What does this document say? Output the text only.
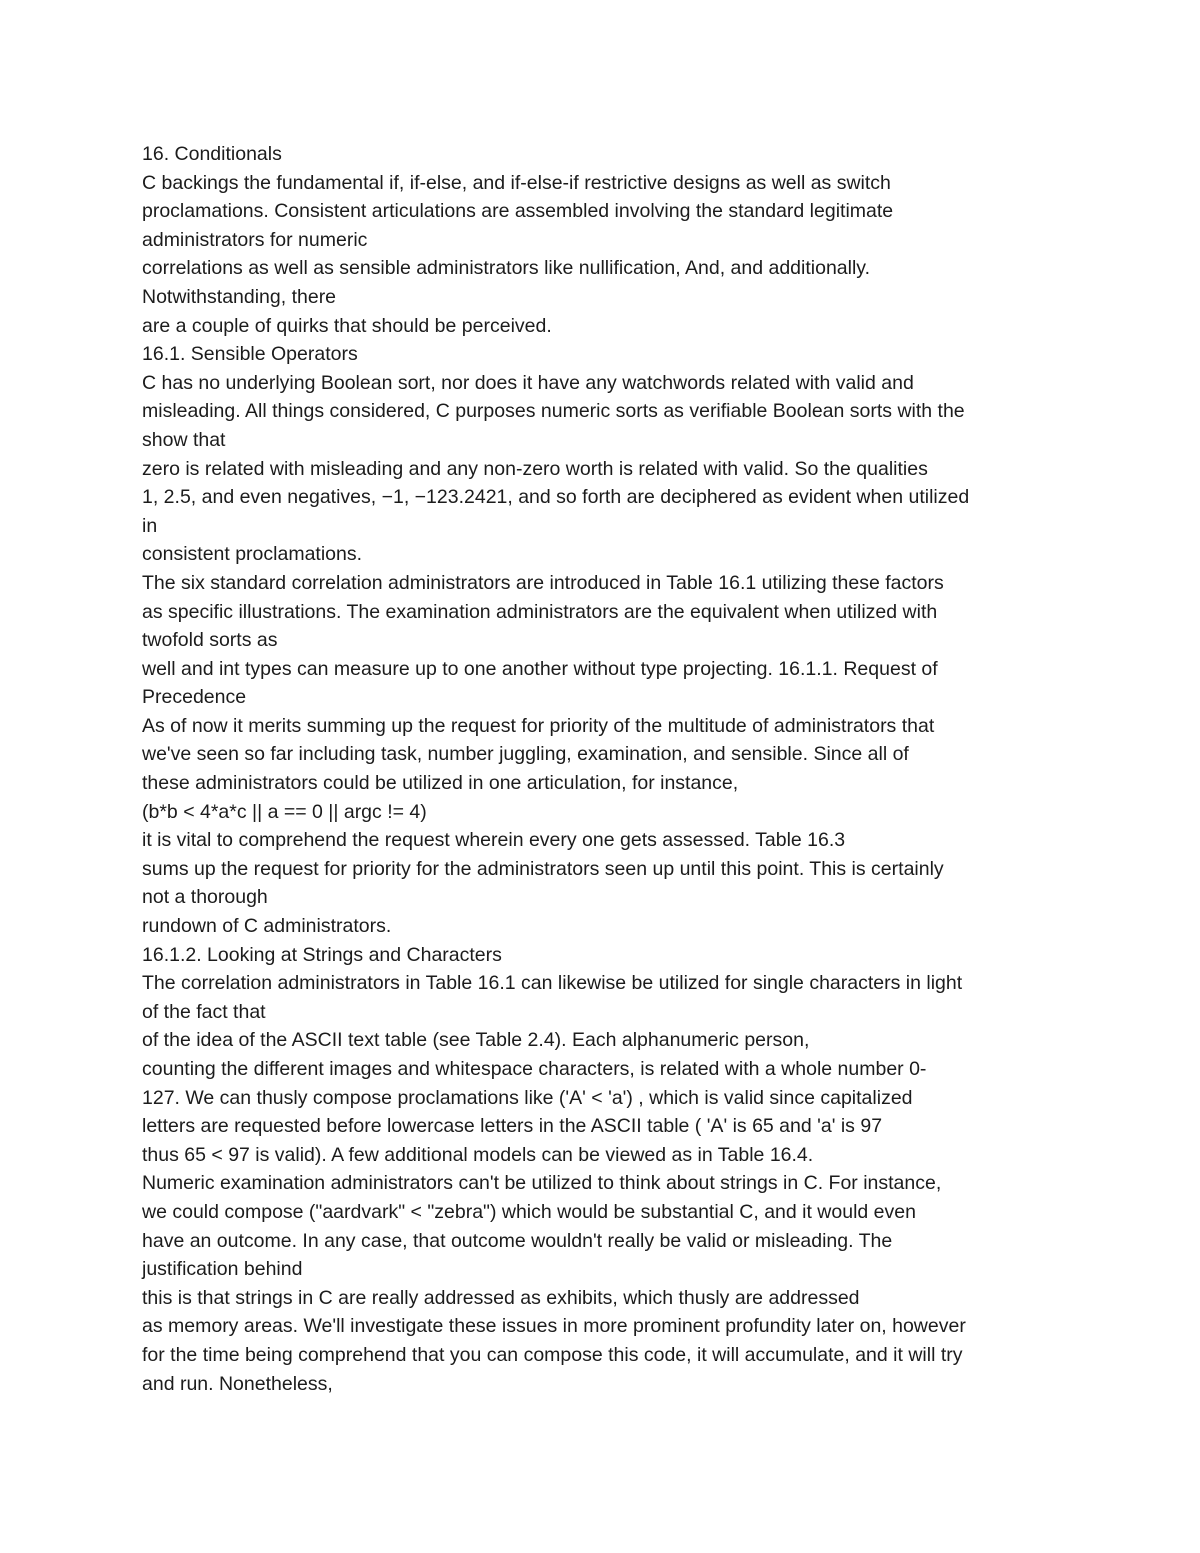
16. Conditionals
C backings the fundamental if, if-else, and if-else-if restrictive designs as well as switch
proclamations. Consistent articulations are assembled involving the standard legitimate
administrators for numeric
correlations as well as sensible administrators like nullification, And, and additionally.
Notwithstanding, there
are a couple of quirks that should be perceived.
16.1. Sensible Operators
C has no underlying Boolean sort, nor does it have any watchwords related with valid and
misleading. All things considered, C purposes numeric sorts as verifiable Boolean sorts with the
show that
zero is related with misleading and any non-zero worth is related with valid. So the qualities
1, 2.5, and even negatives, −1, −123.2421, and so forth are deciphered as evident when utilized
in
consistent proclamations.
The six standard correlation administrators are introduced in Table 16.1 utilizing these factors
as specific illustrations. The examination administrators are the equivalent when utilized with
twofold sorts as
well and int types can measure up to one another without type projecting. 16.1.1. Request of
Precedence
As of now it merits summing up the request for priority of the multitude of administrators that
we've seen so far including task, number juggling, examination, and sensible. Since all of
these administrators could be utilized in one articulation, for instance,
(b*b < 4*a*c || a == 0 || argc != 4)
it is vital to comprehend the request wherein every one gets assessed. Table 16.3
sums up the request for priority for the administrators seen up until this point. This is certainly
not a thorough
rundown of C administrators.
16.1.2. Looking at Strings and Characters
The correlation administrators in Table 16.1 can likewise be utilized for single characters in light
of the fact that
of the idea of the ASCII text table (see Table 2.4). Each alphanumeric person,
counting the different images and whitespace characters, is related with a whole number 0-
127. We can thusly compose proclamations like ('A' < 'a') , which is valid since capitalized
letters are requested before lowercase letters in the ASCII table ( 'A' is 65 and 'a' is 97
thus 65 < 97 is valid). A few additional models can be viewed as in Table 16.4.
Numeric examination administrators can't be utilized to think about strings in C. For instance,
we could compose ("aardvark" < "zebra") which would be substantial C, and it would even
have an outcome. In any case, that outcome wouldn't really be valid or misleading. The
justification behind
this is that strings in C are really addressed as exhibits, which thusly are addressed
as memory areas. We'll investigate these issues in more prominent profundity later on, however
for the time being comprehend that you can compose this code, it will accumulate, and it will try
and run. Nonetheless,
